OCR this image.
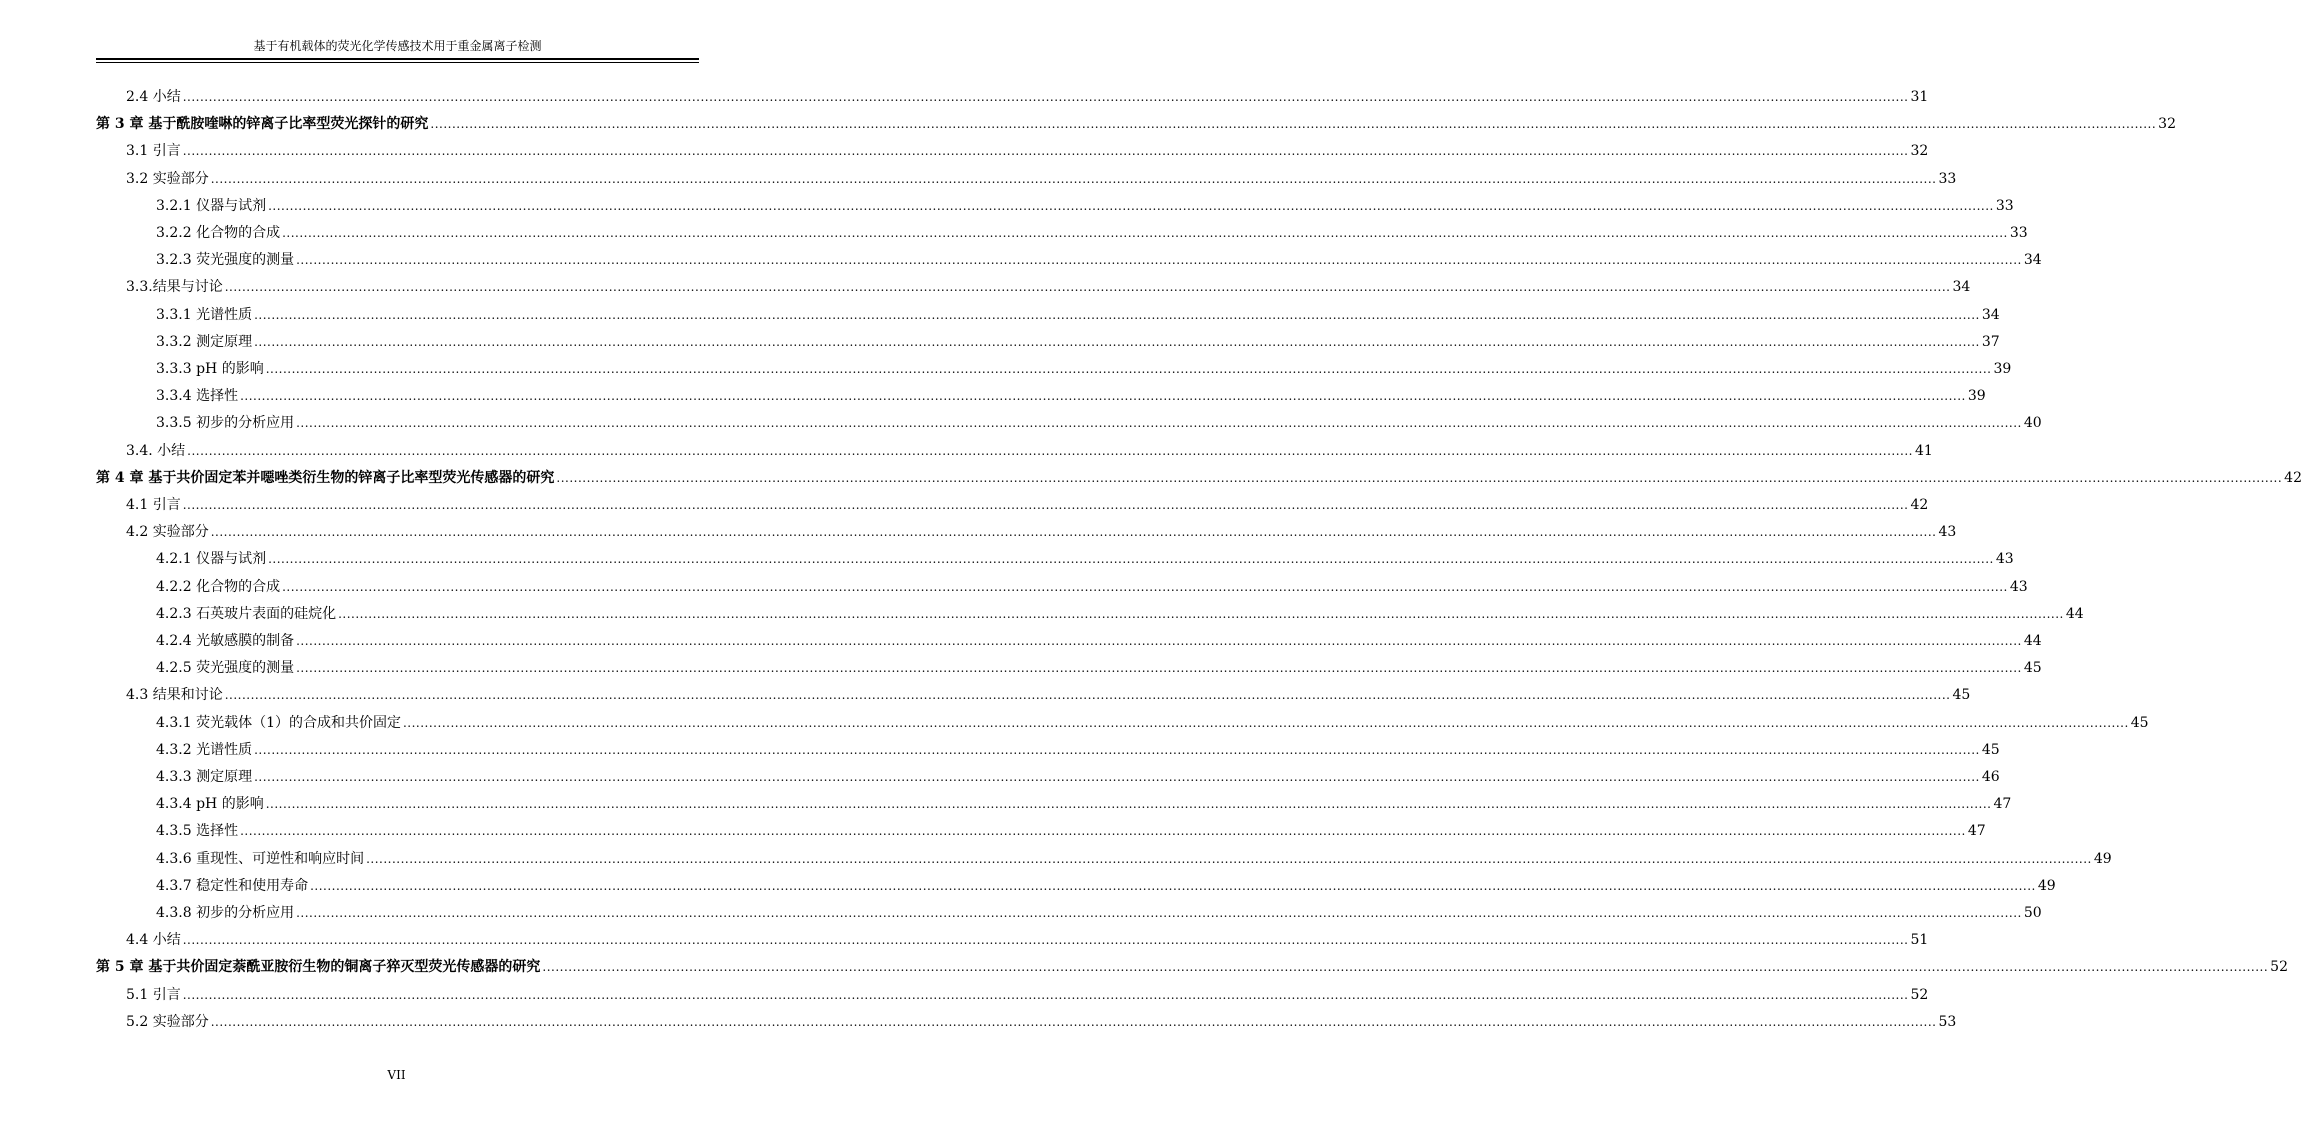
基于有机载体的荧光化学传感技术用于重金属离子检测
2.4 小结 ................................................................................................................................................................................................................................................................................................................................................................................................................ 31
第 3 章 基于酰胺喹啉的锌离子比率型荧光探针的研究 ................................................................................................................................................................................................................................................................................................................................................................................................................ 32
3.1 引言 ................................................................................................................................................................................................................................................................................................................................................................................................................ 32
3.2 实验部分 ................................................................................................................................................................................................................................................................................................................................................................................................................ 33
3.2.1 仪器与试剂 ................................................................................................................................................................................................................................................................................................................................................................................................................ 33
3.2.2 化合物的合成 ................................................................................................................................................................................................................................................................................................................................................................................................................ 33
3.2.3 荧光强度的测量 ................................................................................................................................................................................................................................................................................................................................................................................................................ 34
3.3.结果与讨论 ................................................................................................................................................................................................................................................................................................................................................................................................................ 34
3.3.1 光谱性质 ................................................................................................................................................................................................................................................................................................................................................................................................................ 34
3.3.2 测定原理 ................................................................................................................................................................................................................................................................................................................................................................................................................ 37
3.3.3 pH 的影响 ................................................................................................................................................................................................................................................................................................................................................................................................................ 39
3.3.4 选择性 ................................................................................................................................................................................................................................................................................................................................................................................................................ 39
3.3.5 初步的分析应用 ................................................................................................................................................................................................................................................................................................................................................................................................................ 40
3.4. 小结 ................................................................................................................................................................................................................................................................................................................................................................................................................ 41
第 4 章 基于共价固定苯并噁唑类衍生物的锌离子比率型荧光传感器的研究 ................................................................................................................................................................................................................................................................................................................................................................................................................ 42
4.1 引言 ................................................................................................................................................................................................................................................................................................................................................................................................................ 42
4.2 实验部分 ................................................................................................................................................................................................................................................................................................................................................................................................................ 43
4.2.1 仪器与试剂 ................................................................................................................................................................................................................................................................................................................................................................................................................ 43
4.2.2 化合物的合成 ................................................................................................................................................................................................................................................................................................................................................................................................................ 43
4.2.3 石英玻片表面的硅烷化 ................................................................................................................................................................................................................................................................................................................................................................................................................ 44
4.2.4 光敏感膜的制备 ................................................................................................................................................................................................................................................................................................................................................................................................................ 44
4.2.5 荧光强度的测量 ................................................................................................................................................................................................................................................................................................................................................................................................................ 45
4.3 结果和讨论 ................................................................................................................................................................................................................................................................................................................................................................................................................ 45
4.3.1 荧光载体（1）的合成和共价固定 ................................................................................................................................................................................................................................................................................................................................................................................................................ 45
4.3.2 光谱性质 ................................................................................................................................................................................................................................................................................................................................................................................................................ 45
4.3.3 测定原理 ................................................................................................................................................................................................................................................................................................................................................................................................................ 46
4.3.4 pH 的影响 ................................................................................................................................................................................................................................................................................................................................................................................................................ 47
4.3.5 选择性 ................................................................................................................................................................................................................................................................................................................................................................................................................ 47
4.3.6 重现性、可逆性和响应时间 ................................................................................................................................................................................................................................................................................................................................................................................................................ 49
4.3.7 稳定性和使用寿命 ................................................................................................................................................................................................................................................................................................................................................................................................................ 49
4.3.8 初步的分析应用 ................................................................................................................................................................................................................................................................................................................................................................................................................ 50
4.4 小结 ................................................................................................................................................................................................................................................................................................................................................................................................................ 51
第 5 章 基于共价固定萘酰亚胺衍生物的铜离子猝灭型荧光传感器的研究 ................................................................................................................................................................................................................................................................................................................................................................................................................ 52
5.1 引言 ................................................................................................................................................................................................................................................................................................................................................................................................................ 52
5.2 实验部分 ................................................................................................................................................................................................................................................................................................................................................................................................................ 53
VII
